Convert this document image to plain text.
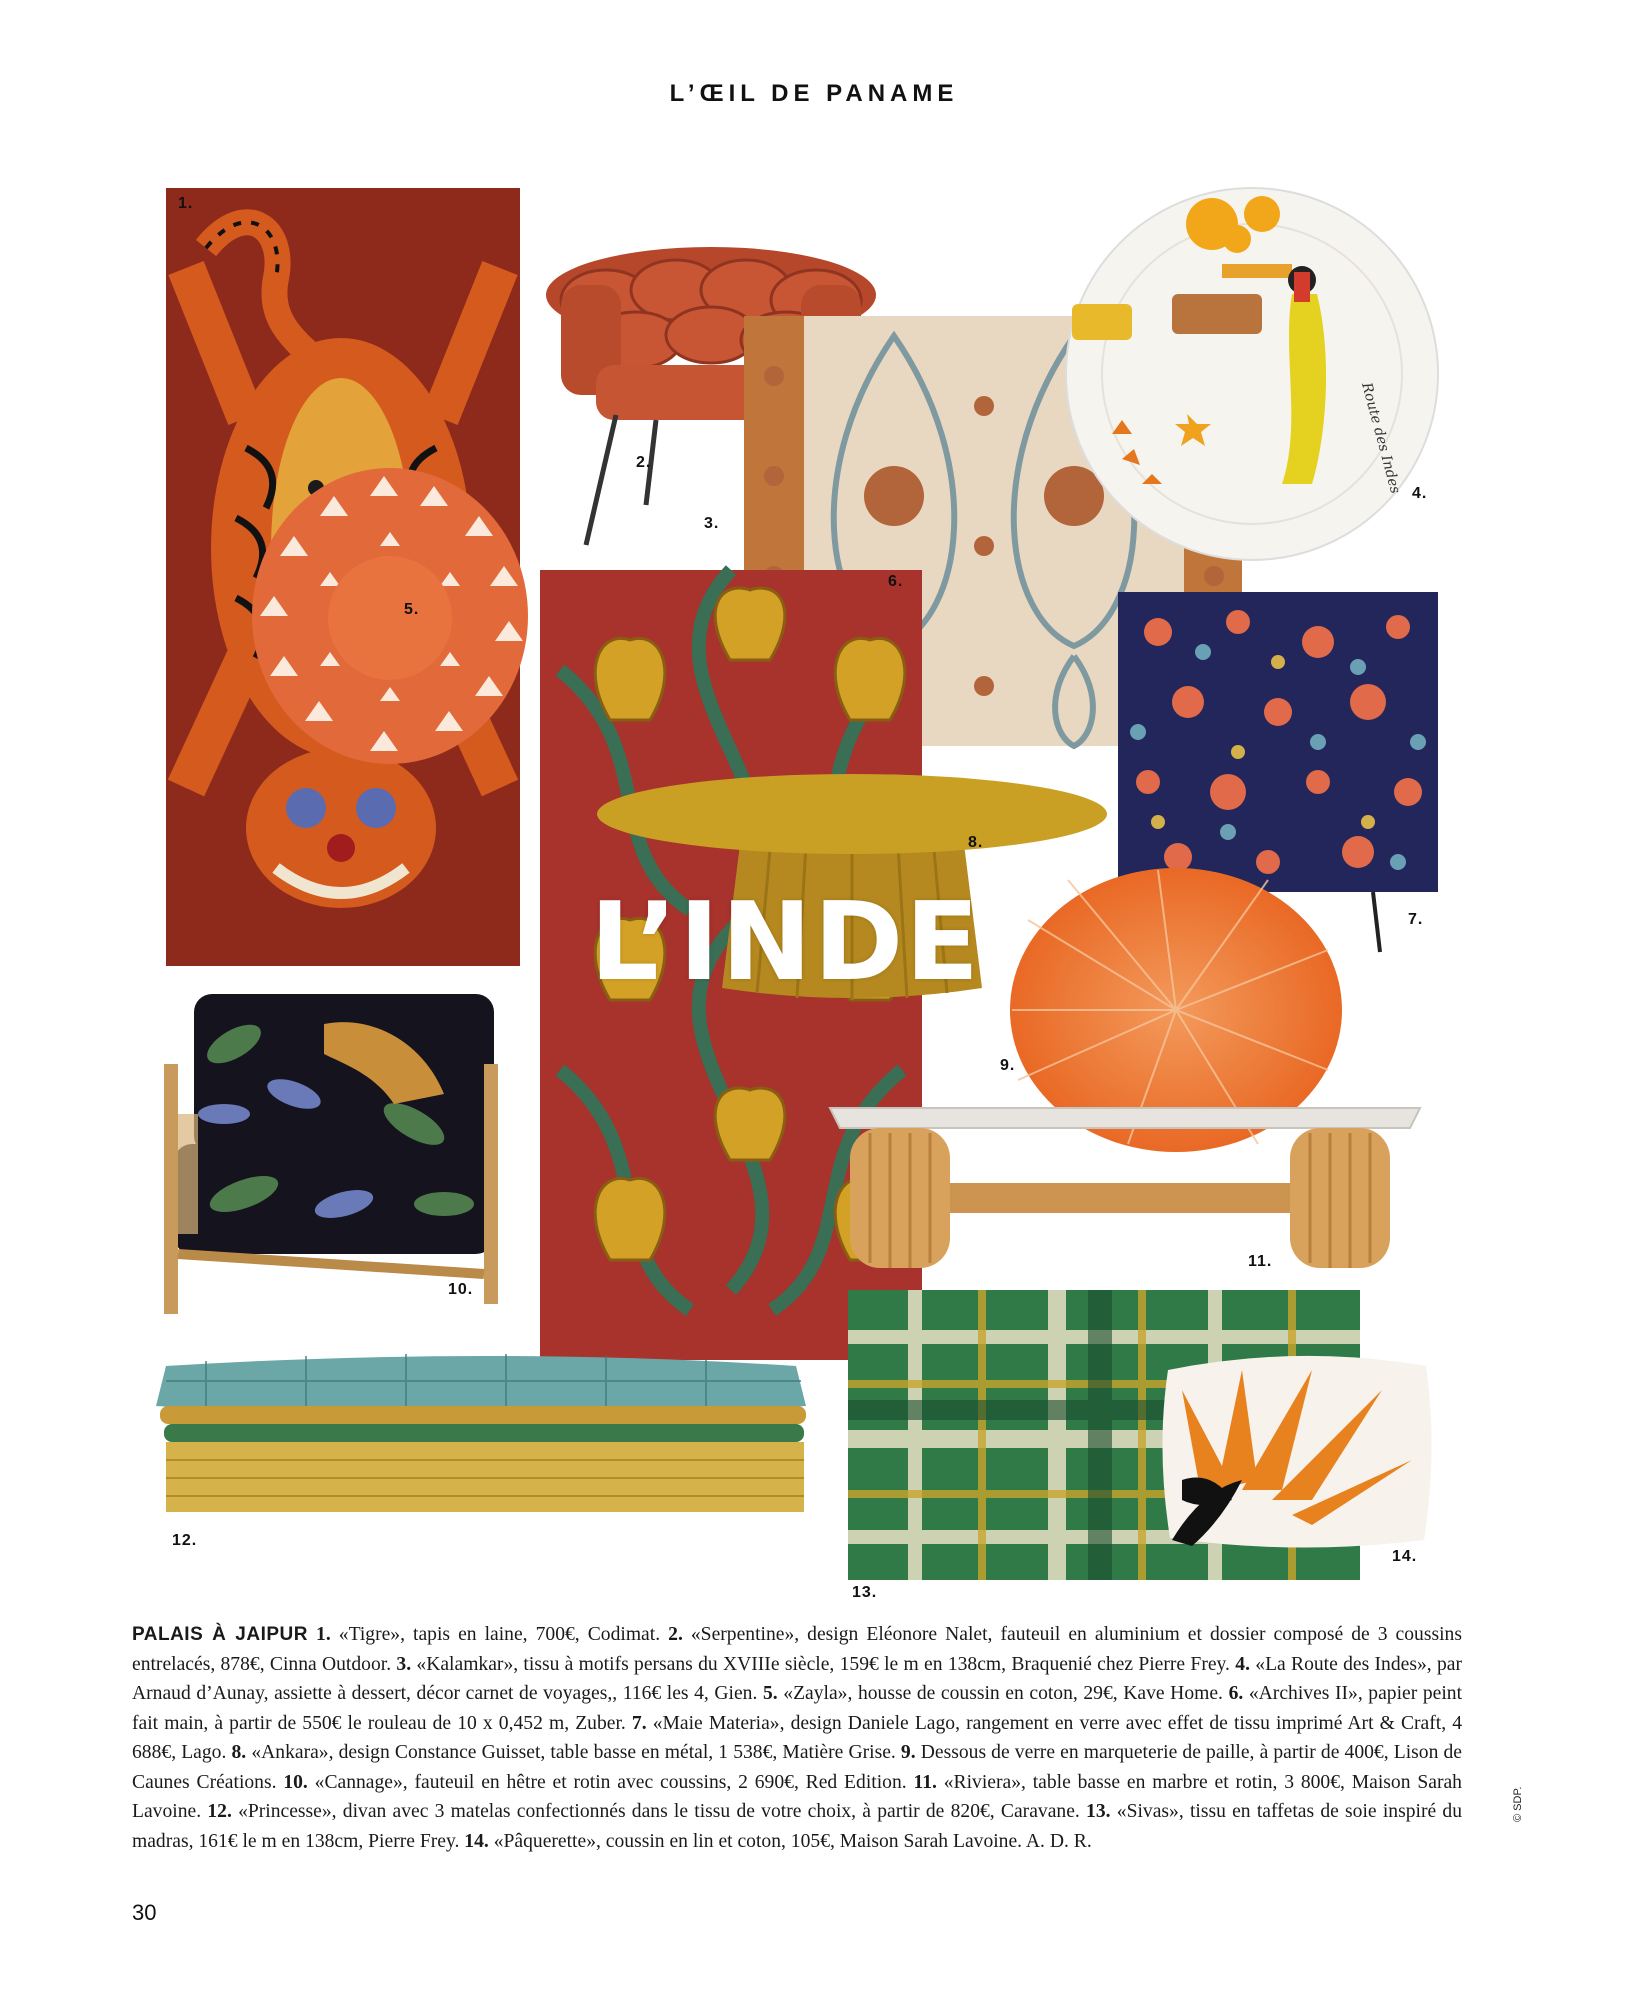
L’ŒIL DE PANAME
1.
2.
3.
Route des Indes 4.
7.
9.
6.
8.
5.
L’INDE
10.
11.
13.
14.
12.
PALAIS À JAIPUR 1. «Tigre», tapis en laine, 700€, Codimat. 2. «Serpentine», design Eléonore Nalet, fauteuil en aluminium et dossier composé de 3 coussins entrelacés, 878€, Cinna Outdoor. 3. «Kalamkar», tissu à motifs persans du XVIIIe siècle, 159€ le m en 138cm, Braquenié chez Pierre Frey. 4. «La Route des Indes», par Arnaud d’Aunay, assiette à dessert, décor carnet de voyages,, 116€ les 4, Gien. 5. «Zayla», housse de coussin en coton, 29€, Kave Home. 6. «Archives II», papier peint fait main, à partir de 550€ le rouleau de 10 x 0,452 m, Zuber. 7. «Maie Materia», design Daniele Lago, rangement en verre avec effet de tissu imprimé Art & Craft, 4 688€, Lago. 8. «Ankara», design Constance Guisset, table basse en métal, 1 538€, Matière Grise. 9. Dessous de verre en marqueterie de paille, à partir de 400€, Lison de Caunes Créations. 10. «Cannage», fauteuil en hêtre et rotin avec coussins, 2 690€, Red Edition. 11. «Riviera», table basse en marbre et rotin, 3 800€, Maison Sarah Lavoine. 12. «Princesse», divan avec 3 matelas confectionnés dans le tissu de votre choix, à partir de 820€, Caravane. 13. «Sivas», tissu en taffetas de soie inspiré du madras, 161€ le m en 138cm, Pierre Frey. 14. «Pâquerette», coussin en lin et coton, 105€, Maison Sarah Lavoine. A. D. R.
© SDP.
30
